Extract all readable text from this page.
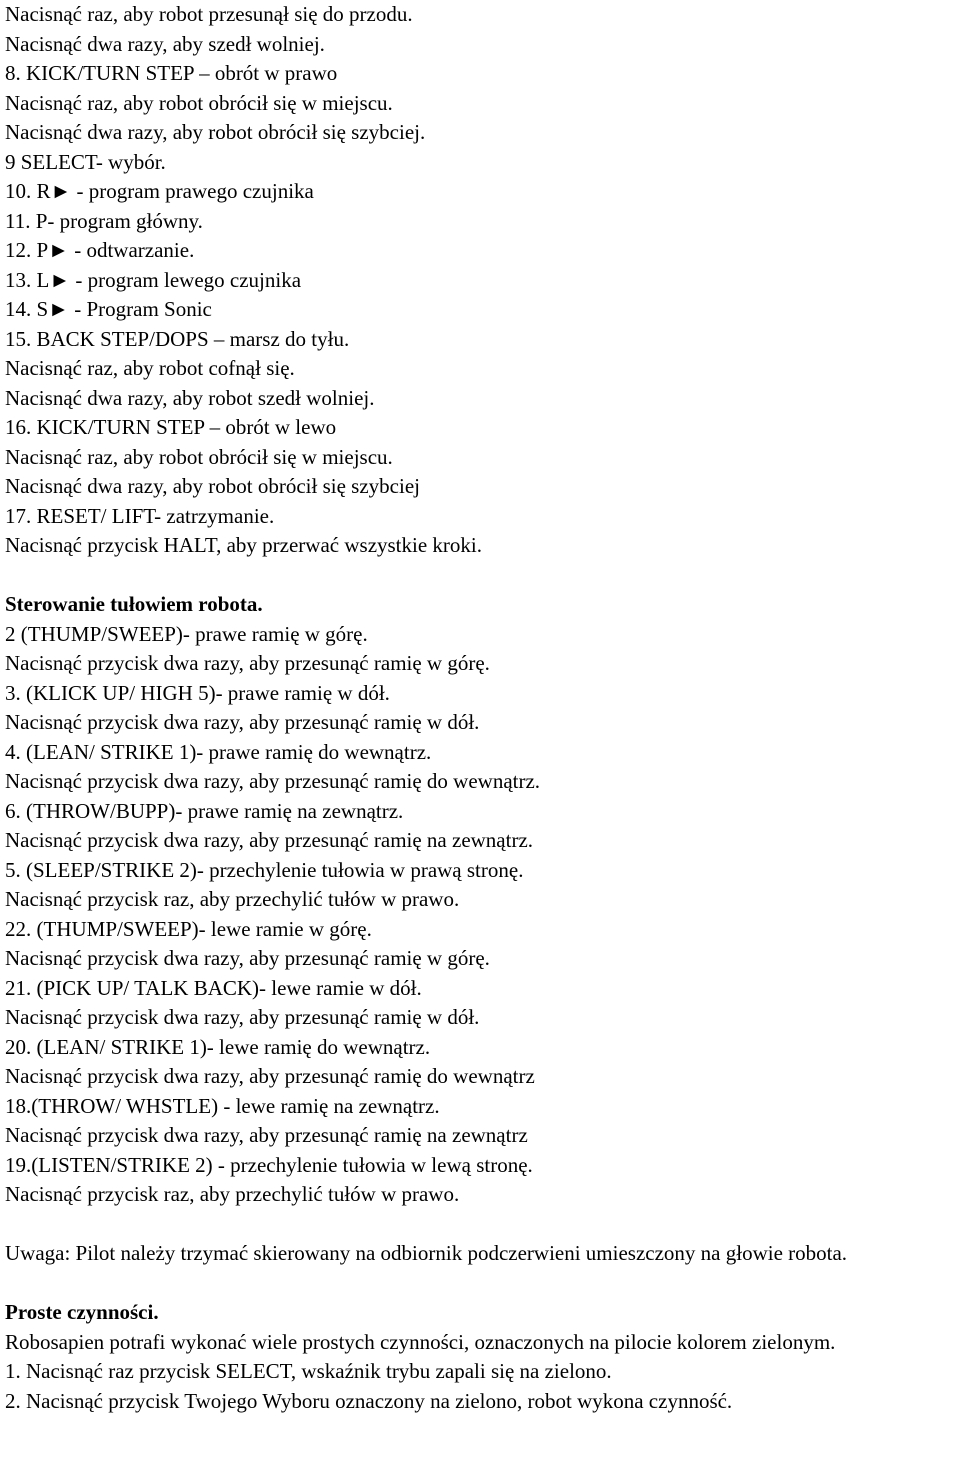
Nacisnąć raz, aby robot przesunął się do przodu.
Nacisnąć dwa razy, aby szedł wolniej.
8. KICK/TURN STEP – obrót w prawo
Nacisnąć raz, aby robot obrócił się w miejscu.
Nacisnąć dwa razy, aby robot obrócił się szybciej.
9 SELECT- wybór.
10. R► - program prawego czujnika
11. P- program główny.
12. P► - odtwarzanie.
13. L► - program lewego czujnika
14. S► - Program Sonic
15. BACK STEP/DOPS – marsz do tyłu.
Nacisnąć raz, aby robot cofnął się.
Nacisnąć dwa razy, aby robot szedł wolniej.
16. KICK/TURN STEP – obrót w lewo
Nacisnąć raz, aby robot obrócił się w miejscu.
Nacisnąć dwa razy, aby robot obrócił się szybciej
17. RESET/ LIFT- zatrzymanie.
Nacisnąć przycisk HALT, aby przerwać wszystkie kroki.
Sterowanie tułowiem robota.
2 (THUMP/SWEEP)- prawe ramię w górę.
Nacisnąć przycisk dwa razy, aby przesunąć ramię w górę.
3. (KLICK UP/ HIGH 5)- prawe ramię w dół.
Nacisnąć przycisk dwa razy, aby przesunąć ramię w dół.
4. (LEAN/ STRIKE 1)- prawe ramię do wewnątrz.
Nacisnąć przycisk dwa razy, aby przesunąć ramię do wewnątrz.
6. (THROW/BUPP)- prawe ramię na zewnątrz.
Nacisnąć przycisk dwa razy, aby przesunąć ramię na zewnątrz.
5. (SLEEP/STRIKE 2)- przechylenie tułowia w prawą stronę.
Nacisnąć przycisk raz, aby przechylić tułów w prawo.
22. (THUMP/SWEEP)- lewe ramie w górę.
Nacisnąć przycisk dwa razy, aby przesunąć ramię w górę.
21. (PICK UP/ TALK BACK)- lewe ramie w dół.
Nacisnąć przycisk dwa razy, aby przesunąć ramię w dół.
20. (LEAN/ STRIKE 1)- lewe ramię do wewnątrz.
Nacisnąć przycisk dwa razy, aby przesunąć ramię do wewnątrz
18.(THROW/ WHSTLE) - lewe ramię na zewnątrz.
Nacisnąć przycisk dwa razy, aby przesunąć ramię na zewnątrz
19.(LISTEN/STRIKE 2) - przechylenie tułowia w lewą stronę.
Nacisnąć przycisk raz, aby przechylić tułów w prawo.
Uwaga: Pilot należy trzymać skierowany na odbiornik podczerwieni umieszczony na głowie robota.
Proste czynności.
Robosapien potrafi wykonać wiele prostych czynności, oznaczonych na pilocie kolorem zielonym.
1. Nacisnąć raz przycisk SELECT, wskaźnik trybu zapali się na zielono.
2. Nacisnąć przycisk Twojego Wyboru oznaczony na zielono, robot wykona czynność.
